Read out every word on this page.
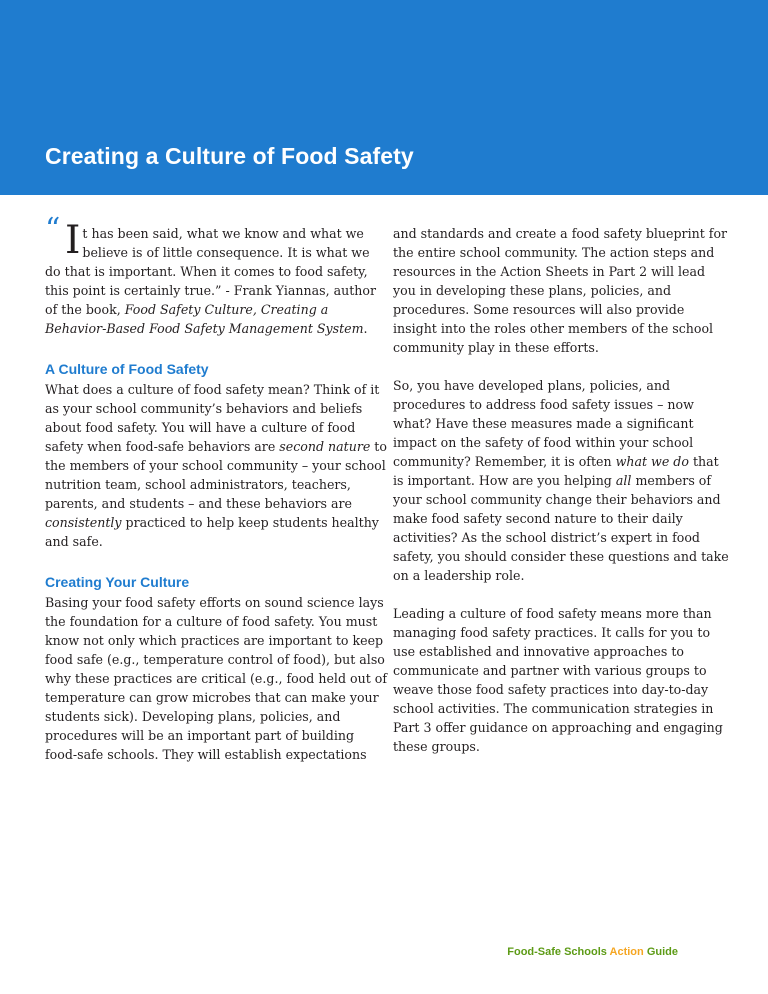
Creating a Culture of Food Safety

“ I t has been said, what we know and what we believe is of little consequence. It is what we do that is important. When it comes to food safety, this point is certainly true.” - Frank Yiannas, author of the book, Food Safety Culture, Creating a Behavior-Based Food Safety Management System.

A Culture of Food Safety

What does a culture of food safety mean? Think of it as your school community’s behaviors and beliefs about food safety. You will have a culture of food safety when food-safe behaviors are second nature to the members of your school community – your school nutrition team, school administrators, teachers, parents, and students – and these behaviors are consistently practiced to help keep students healthy and safe.

Creating Your Culture

Basing your food safety efforts on sound science lays the foundation for a culture of food safety. You must know not only which practices are important to keep food safe (e.g., temperature control of food), but also why these practices are critical (e.g., food held out of temperature can grow microbes that can make your students sick). Developing plans, policies, and procedures will be an important part of building food-safe schools. They will establish expectations

and standards and create a food safety blueprint for the entire school community. The action steps and resources in the Action Sheets in Part 2 will lead you in developing these plans, policies, and procedures. Some resources will also provide insight into the roles other members of the school community play in these efforts.

So, you have developed plans, policies, and procedures to address food safety issues – now what? Have these measures made a significant impact on the safety of food within your school community? Remember, it is often what we do that is important. How are you helping all members of your school community change their behaviors and make food safety second nature to their daily activities? As the school district’s expert in food safety, you should consider these questions and take on a leadership role.

Leading a culture of food safety means more than managing food safety practices. It calls for you to use established and innovative approaches to communicate and partner with various groups to weave those food safety practices into day-to-day school activities. The communication strategies in Part 3 offer guidance on approaching and engaging these groups.

Food-Safe Schools Action Guide
